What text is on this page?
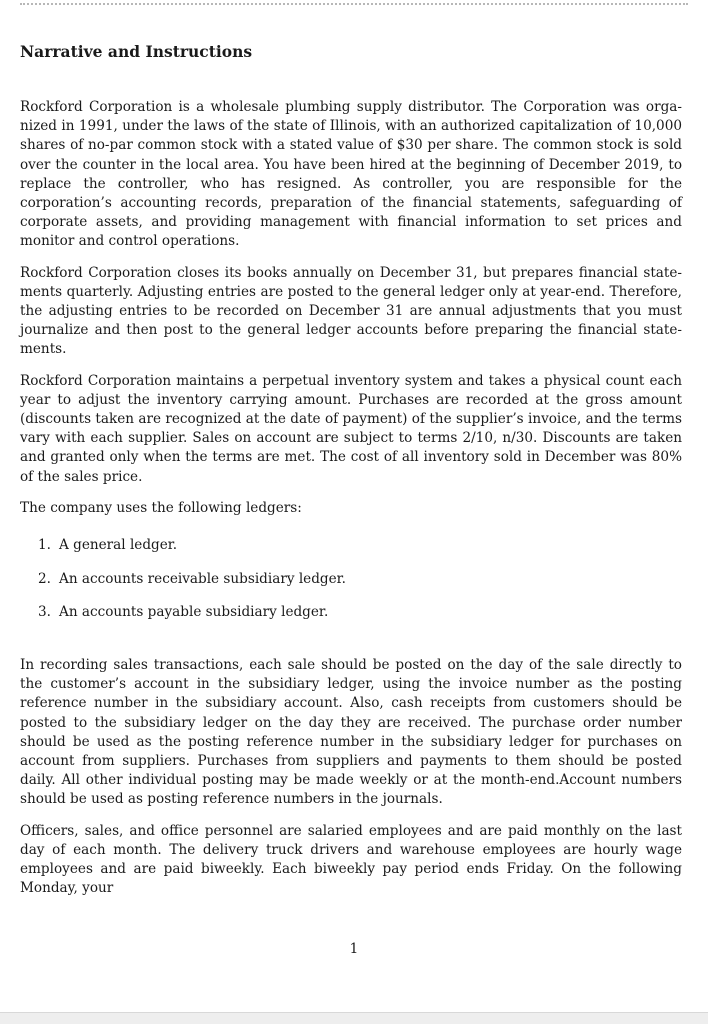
Narrative and Instructions

Rockford Corporation is a wholesale plumbing supply distributor. The Corporation was orga-nized in 1991, under the laws of the state of Illinois, with an authorized capitalization of 10,000 shares of no-par common stock with a stated value of $30 per share. The common stock is sold over the counter in the local area. You have been hired at the beginning of December 2019, to replace the controller, who has resigned. As controller, you are responsible for the corporation’s accounting records, preparation of the financial statements, safeguarding of corporate assets, and providing management with financial information to set prices and monitor and control operations.

Rockford Corporation closes its books annually on December 31, but prepares financial state-ments quarterly. Adjusting entries are posted to the general ledger only at year-end. Therefore, the adjusting entries to be recorded on December 31 are annual adjustments that you must journalize and then post to the general ledger accounts before preparing the financial state-ments.

Rockford Corporation maintains a perpetual inventory system and takes a physical count each year to adjust the inventory carrying amount. Purchases are recorded at the gross amount (discounts taken are recognized at the date of payment) of the supplier’s invoice, and the terms vary with each supplier. Sales on account are subject to terms 2/10, n/30. Discounts are taken and granted only when the terms are met. The cost of all inventory sold in December was 80% of the sales price.

The company uses the following ledgers:

1. A general ledger.
2. An accounts receivable subsidiary ledger.
3. An accounts payable subsidiary ledger.

In recording sales transactions, each sale should be posted on the day of the sale directly to the customer’s account in the subsidiary ledger, using the invoice number as the posting reference number in the subsidiary account. Also, cash receipts from customers should be posted to the subsidiary ledger on the day they are received. The purchase order number should be used as the posting reference number in the subsidiary ledger for purchases on account from suppliers. Purchases from suppliers and payments to them should be posted daily. All other individual posting may be made weekly or at the month-end.Account numbers should be used as posting reference numbers in the journals.

Officers, sales, and office personnel are salaried employees and are paid monthly on the last day of each month. The delivery truck drivers and warehouse employees are hourly wage employees and are paid biweekly. Each biweekly pay period ends Friday. On the following Monday, your

1
